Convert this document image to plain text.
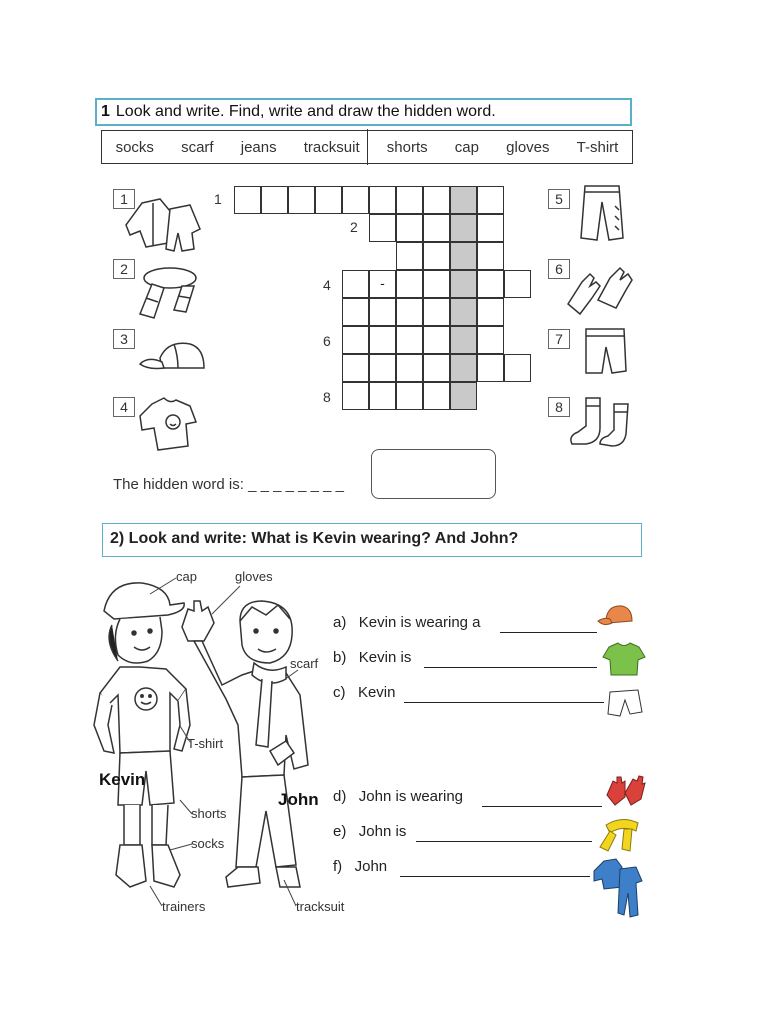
1 Look and write. Find, write and draw the hidden word.
socks scarf jeans tracksuit shorts cap gloves T-shirt
1
2
3
4
5
6
7
8
1
2
4
6
8
-
The hidden word is: _ _ _ _ _ _ _ _
2) Look and write: What is Kevin wearing? And John?
cap	gloves
scarf
T-shirt
shorts
socks
trainers	tracksuit
Kevin
John
a) Kevin is wearing a
b) Kevin is
c) Kevin
d) John is wearing
e) John is
f) John
